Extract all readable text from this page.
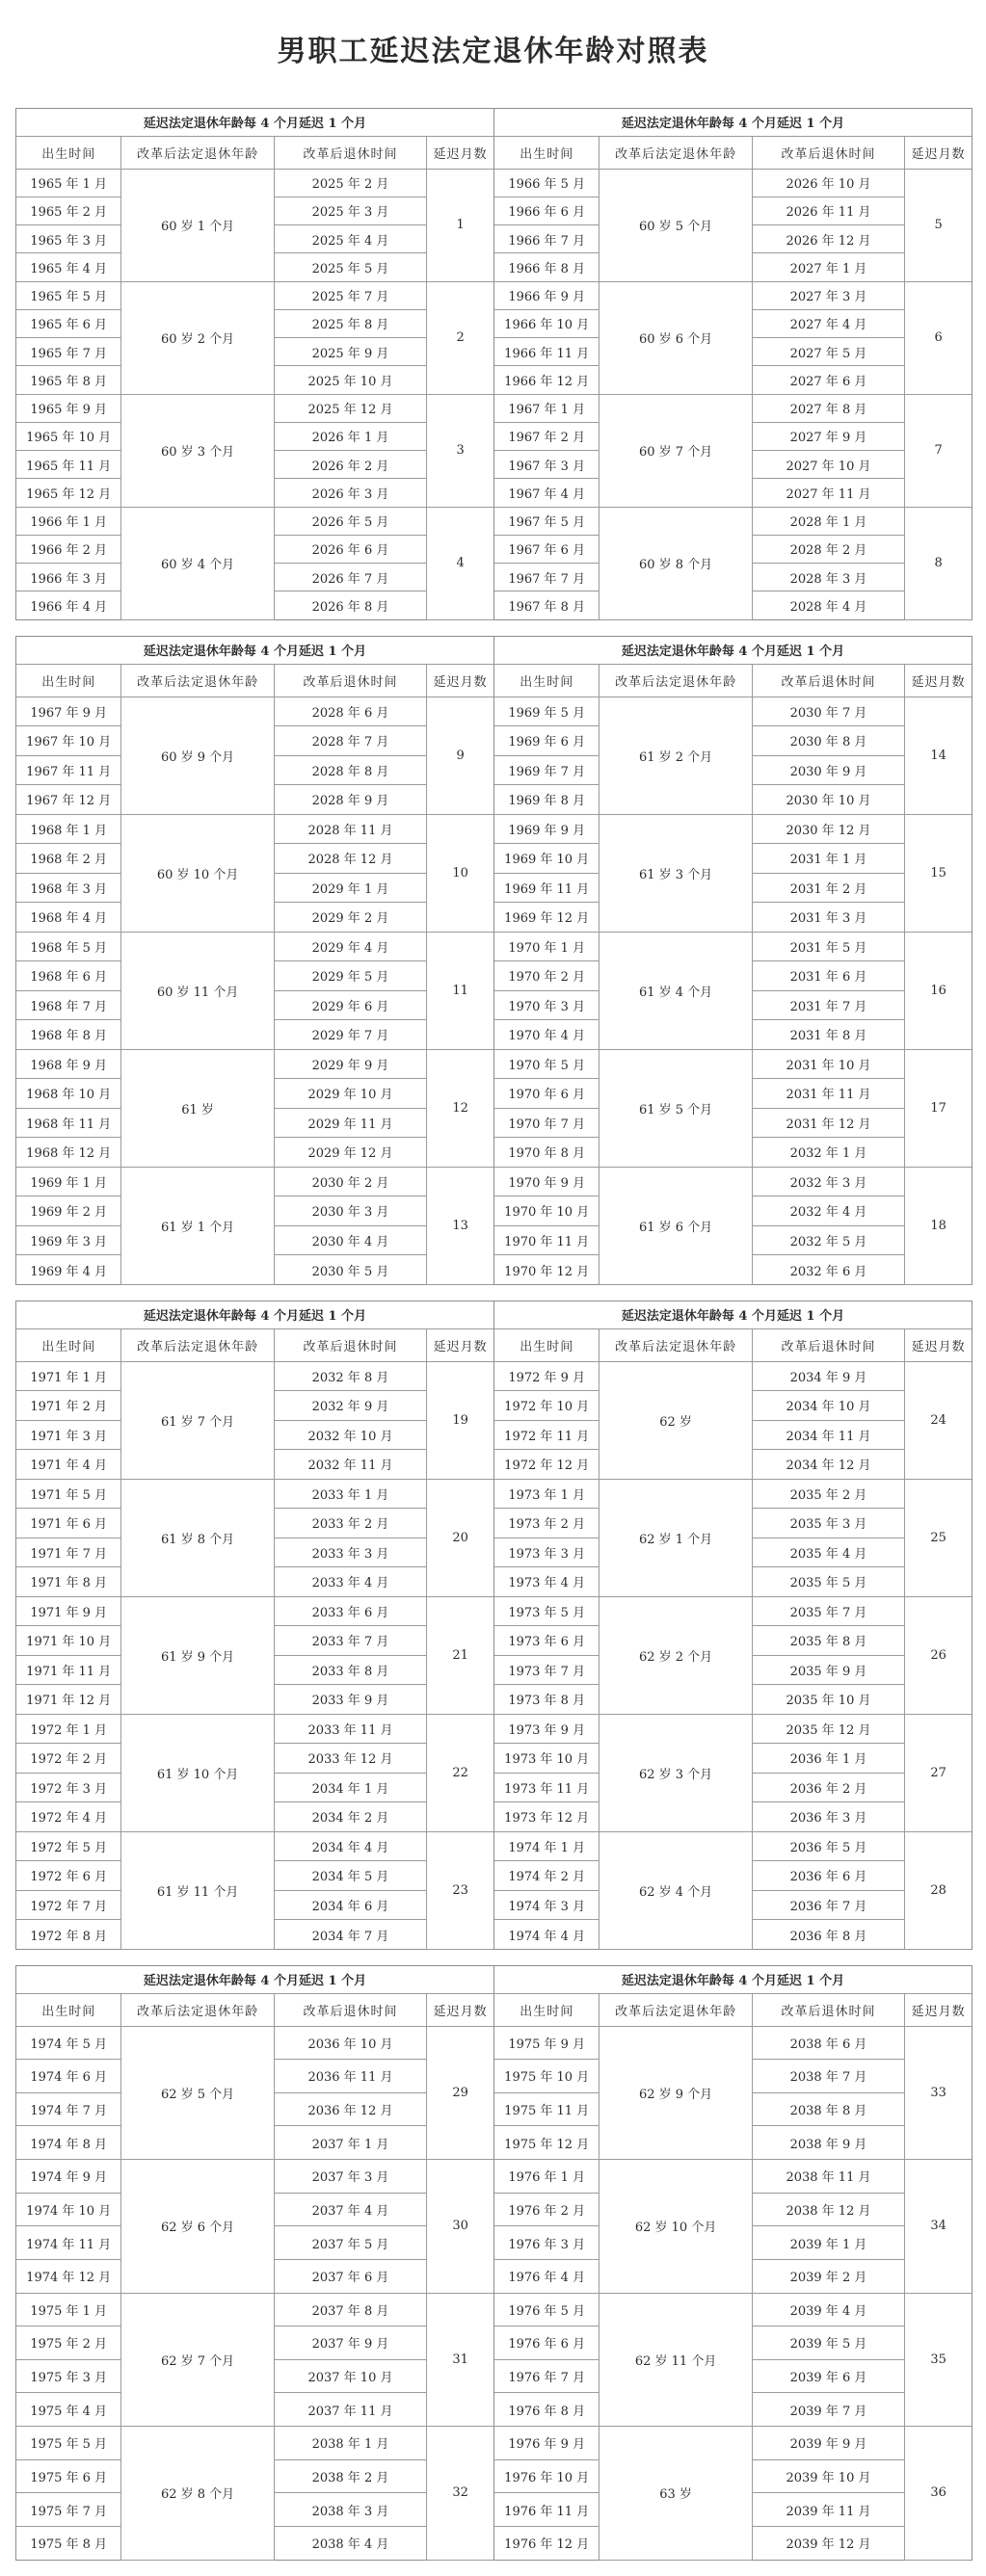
男职工延迟法定退休年龄对照表
延迟法定退休年龄每 4 个月延迟 1 个月
出生时间	改革后法定退休年龄	改革后退休时间	延迟月数
1965 年 1 月	60 岁 1 个月	2025 年 2 月	1
1965 年 2 月	2025 年 3 月
1965 年 3 月	2025 年 4 月
1965 年 4 月	2025 年 5 月
1965 年 5 月	60 岁 2 个月	2025 年 7 月	2
1965 年 6 月	2025 年 8 月
1965 年 7 月	2025 年 9 月
1965 年 8 月	2025 年 10 月
1965 年 9 月	60 岁 3 个月	2025 年 12 月	3
1965 年 10 月	2026 年 1 月
1965 年 11 月	2026 年 2 月
1965 年 12 月	2026 年 3 月
1966 年 1 月	60 岁 4 个月	2026 年 5 月	4
1966 年 2 月	2026 年 6 月
1966 年 3 月	2026 年 7 月
1966 年 4 月	2026 年 8 月

延迟法定退休年龄每 4 个月延迟 1 个月
出生时间	改革后法定退休年龄	改革后退休时间	延迟月数
1966 年 5 月	60 岁 5 个月	2026 年 10 月	5
1966 年 6 月	2026 年 11 月
1966 年 7 月	2026 年 12 月
1966 年 8 月	2027 年 1 月
1966 年 9 月	60 岁 6 个月	2027 年 3 月	6
1966 年 10 月	2027 年 4 月
1966 年 11 月	2027 年 5 月
1966 年 12 月	2027 年 6 月
1967 年 1 月	60 岁 7 个月	2027 年 8 月	7
1967 年 2 月	2027 年 9 月
1967 年 3 月	2027 年 10 月
1967 年 4 月	2027 年 11 月
1967 年 5 月	60 岁 8 个月	2028 年 1 月	8
1967 年 6 月	2028 年 2 月
1967 年 7 月	2028 年 3 月
1967 年 8 月	2028 年 4 月
延迟法定退休年龄每 4 个月延迟 1 个月
出生时间	改革后法定退休年龄	改革后退休时间	延迟月数
1967 年 9 月	60 岁 9 个月	2028 年 6 月	9
1967 年 10 月	2028 年 7 月
1967 年 11 月	2028 年 8 月
1967 年 12 月	2028 年 9 月
1968 年 1 月	60 岁 10 个月	2028 年 11 月	10
1968 年 2 月	2028 年 12 月
1968 年 3 月	2029 年 1 月
1968 年 4 月	2029 年 2 月
1968 年 5 月	60 岁 11 个月	2029 年 4 月	11
1968 年 6 月	2029 年 5 月
1968 年 7 月	2029 年 6 月
1968 年 8 月	2029 年 7 月
1968 年 9 月	61 岁	2029 年 9 月	12
1968 年 10 月	2029 年 10 月
1968 年 11 月	2029 年 11 月
1968 年 12 月	2029 年 12 月
1969 年 1 月	61 岁 1 个月	2030 年 2 月	13
1969 年 2 月	2030 年 3 月
1969 年 3 月	2030 年 4 月
1969 年 4 月	2030 年 5 月

延迟法定退休年龄每 4 个月延迟 1 个月
出生时间	改革后法定退休年龄	改革后退休时间	延迟月数
1969 年 5 月	61 岁 2 个月	2030 年 7 月	14
1969 年 6 月	2030 年 8 月
1969 年 7 月	2030 年 9 月
1969 年 8 月	2030 年 10 月
1969 年 9 月	61 岁 3 个月	2030 年 12 月	15
1969 年 10 月	2031 年 1 月
1969 年 11 月	2031 年 2 月
1969 年 12 月	2031 年 3 月
1970 年 1 月	61 岁 4 个月	2031 年 5 月	16
1970 年 2 月	2031 年 6 月
1970 年 3 月	2031 年 7 月
1970 年 4 月	2031 年 8 月
1970 年 5 月	61 岁 5 个月	2031 年 10 月	17
1970 年 6 月	2031 年 11 月
1970 年 7 月	2031 年 12 月
1970 年 8 月	2032 年 1 月
1970 年 9 月	61 岁 6 个月	2032 年 3 月	18
1970 年 10 月	2032 年 4 月
1970 年 11 月	2032 年 5 月
1970 年 12 月	2032 年 6 月
延迟法定退休年龄每 4 个月延迟 1 个月
出生时间	改革后法定退休年龄	改革后退休时间	延迟月数
1971 年 1 月	61 岁 7 个月	2032 年 8 月	19
1971 年 2 月	2032 年 9 月
1971 年 3 月	2032 年 10 月
1971 年 4 月	2032 年 11 月
1971 年 5 月	61 岁 8 个月	2033 年 1 月	20
1971 年 6 月	2033 年 2 月
1971 年 7 月	2033 年 3 月
1971 年 8 月	2033 年 4 月
1971 年 9 月	61 岁 9 个月	2033 年 6 月	21
1971 年 10 月	2033 年 7 月
1971 年 11 月	2033 年 8 月
1971 年 12 月	2033 年 9 月
1972 年 1 月	61 岁 10 个月	2033 年 11 月	22
1972 年 2 月	2033 年 12 月
1972 年 3 月	2034 年 1 月
1972 年 4 月	2034 年 2 月
1972 年 5 月	61 岁 11 个月	2034 年 4 月	23
1972 年 6 月	2034 年 5 月
1972 年 7 月	2034 年 6 月
1972 年 8 月	2034 年 7 月

延迟法定退休年龄每 4 个月延迟 1 个月
出生时间	改革后法定退休年龄	改革后退休时间	延迟月数
1972 年 9 月	62 岁	2034 年 9 月	24
1972 年 10 月	2034 年 10 月
1972 年 11 月	2034 年 11 月
1972 年 12 月	2034 年 12 月
1973 年 1 月	62 岁 1 个月	2035 年 2 月	25
1973 年 2 月	2035 年 3 月
1973 年 3 月	2035 年 4 月
1973 年 4 月	2035 年 5 月
1973 年 5 月	62 岁 2 个月	2035 年 7 月	26
1973 年 6 月	2035 年 8 月
1973 年 7 月	2035 年 9 月
1973 年 8 月	2035 年 10 月
1973 年 9 月	62 岁 3 个月	2035 年 12 月	27
1973 年 10 月	2036 年 1 月
1973 年 11 月	2036 年 2 月
1973 年 12 月	2036 年 3 月
1974 年 1 月	62 岁 4 个月	2036 年 5 月	28
1974 年 2 月	2036 年 6 月
1974 年 3 月	2036 年 7 月
1974 年 4 月	2036 年 8 月
延迟法定退休年龄每 4 个月延迟 1 个月
出生时间	改革后法定退休年龄	改革后退休时间	延迟月数
1974 年 5 月	62 岁 5 个月	2036 年 10 月	29
1974 年 6 月	2036 年 11 月
1974 年 7 月	2036 年 12 月
1974 年 8 月	2037 年 1 月
1974 年 9 月	62 岁 6 个月	2037 年 3 月	30
1974 年 10 月	2037 年 4 月
1974 年 11 月	2037 年 5 月
1974 年 12 月	2037 年 6 月
1975 年 1 月	62 岁 7 个月	2037 年 8 月	31
1975 年 2 月	2037 年 9 月
1975 年 3 月	2037 年 10 月
1975 年 4 月	2037 年 11 月
1975 年 5 月	62 岁 8 个月	2038 年 1 月	32
1975 年 6 月	2038 年 2 月
1975 年 7 月	2038 年 3 月
1975 年 8 月	2038 年 4 月

延迟法定退休年龄每 4 个月延迟 1 个月
出生时间	改革后法定退休年龄	改革后退休时间	延迟月数
1975 年 9 月	62 岁 9 个月	2038 年 6 月	33
1975 年 10 月	2038 年 7 月
1975 年 11 月	2038 年 8 月
1975 年 12 月	2038 年 9 月
1976 年 1 月	62 岁 10 个月	2038 年 11 月	34
1976 年 2 月	2038 年 12 月
1976 年 3 月	2039 年 1 月
1976 年 4 月	2039 年 2 月
1976 年 5 月	62 岁 11 个月	2039 年 4 月	35
1976 年 6 月	2039 年 5 月
1976 年 7 月	2039 年 6 月
1976 年 8 月	2039 年 7 月
1976 年 9 月	63 岁	2039 年 9 月	36
1976 年 10 月	2039 年 10 月
1976 年 11 月	2039 年 11 月
1976 年 12 月	2039 年 12 月
